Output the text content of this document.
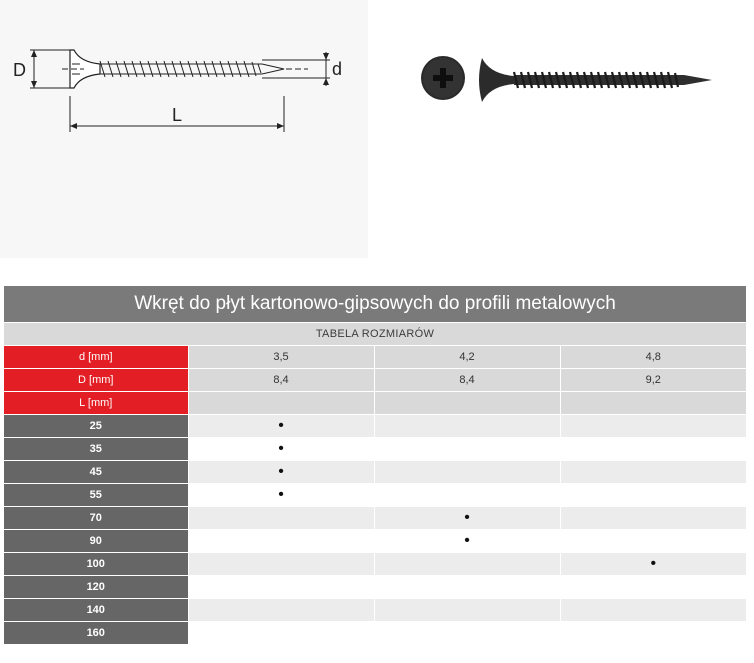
D	d
L
Wkręt do płyt kartonowo-gipsowych do profili metalowych
TABELA ROZMIARÓW
d [mm]	3,5	4,2	4,8
D [mm]	8,4	8,4	9,2
L [mm]			
25	•		
35	•		
45	•		
55	•		
70		•	
90		•	
100			•
120			
140			
160			
